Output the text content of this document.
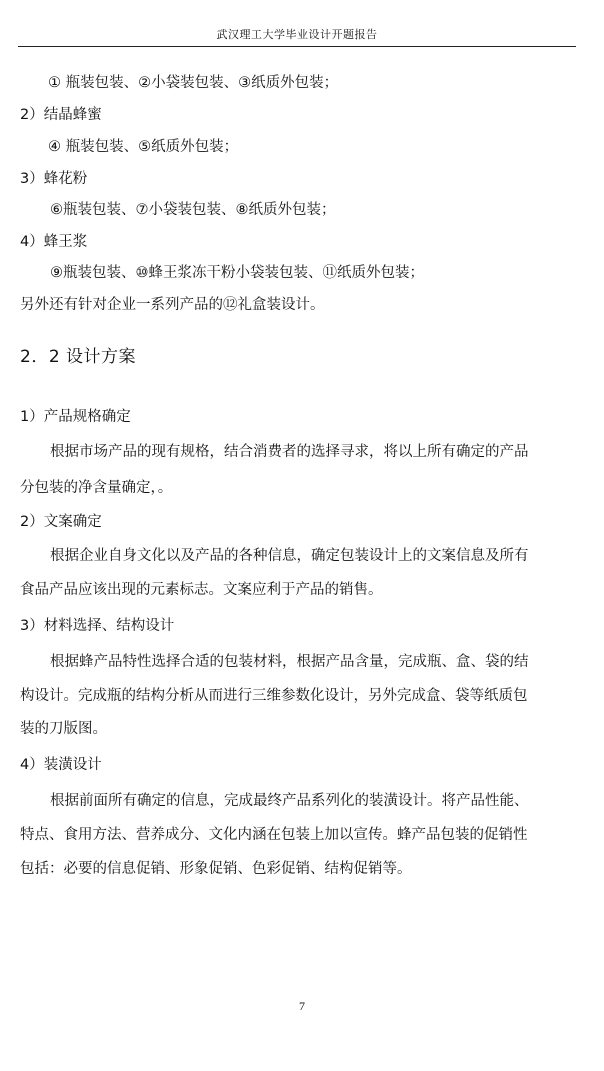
武汉理工大学毕业设计开题报告
① 瓶装包装、②小袋装包装、③纸质外包装；
2）结晶蜂蜜
④ 瓶装包装、⑤纸质外包装；
3）蜂花粉
⑥瓶装包装、⑦小袋装包装、⑧纸质外包装；
4）蜂王浆
⑨瓶装包装、⑩蜂王浆冻干粉小袋装包装、⑪纸质外包装；
另外还有针对企业一系列产品的⑫礼盒装设计。
2．2 设计方案
1）产品规格确定
根据市场产品的现有规格，结合消费者的选择寻求，将以上所有确定的产品
分包装的净含量确定，。
2）文案确定
根据企业自身文化以及产品的各种信息，确定包装设计上的文案信息及所有
食品产品应该出现的元素标志。文案应利于产品的销售。
3）材料选择、结构设计
根据蜂产品特性选择合适的包装材料，根据产品含量，完成瓶、盒、袋的结
构设计。完成瓶的结构分析从而进行三维参数化设计，另外完成盒、袋等纸质包
装的刀版图。
4）装潢设计
根据前面所有确定的信息，完成最终产品系列化的装潢设计。将产品性能、
特点、食用方法、营养成分、文化内涵在包装上加以宣传。蜂产品包装的促销性
包括：必要的信息促销、形象促销、色彩促销、结构促销等。
7
